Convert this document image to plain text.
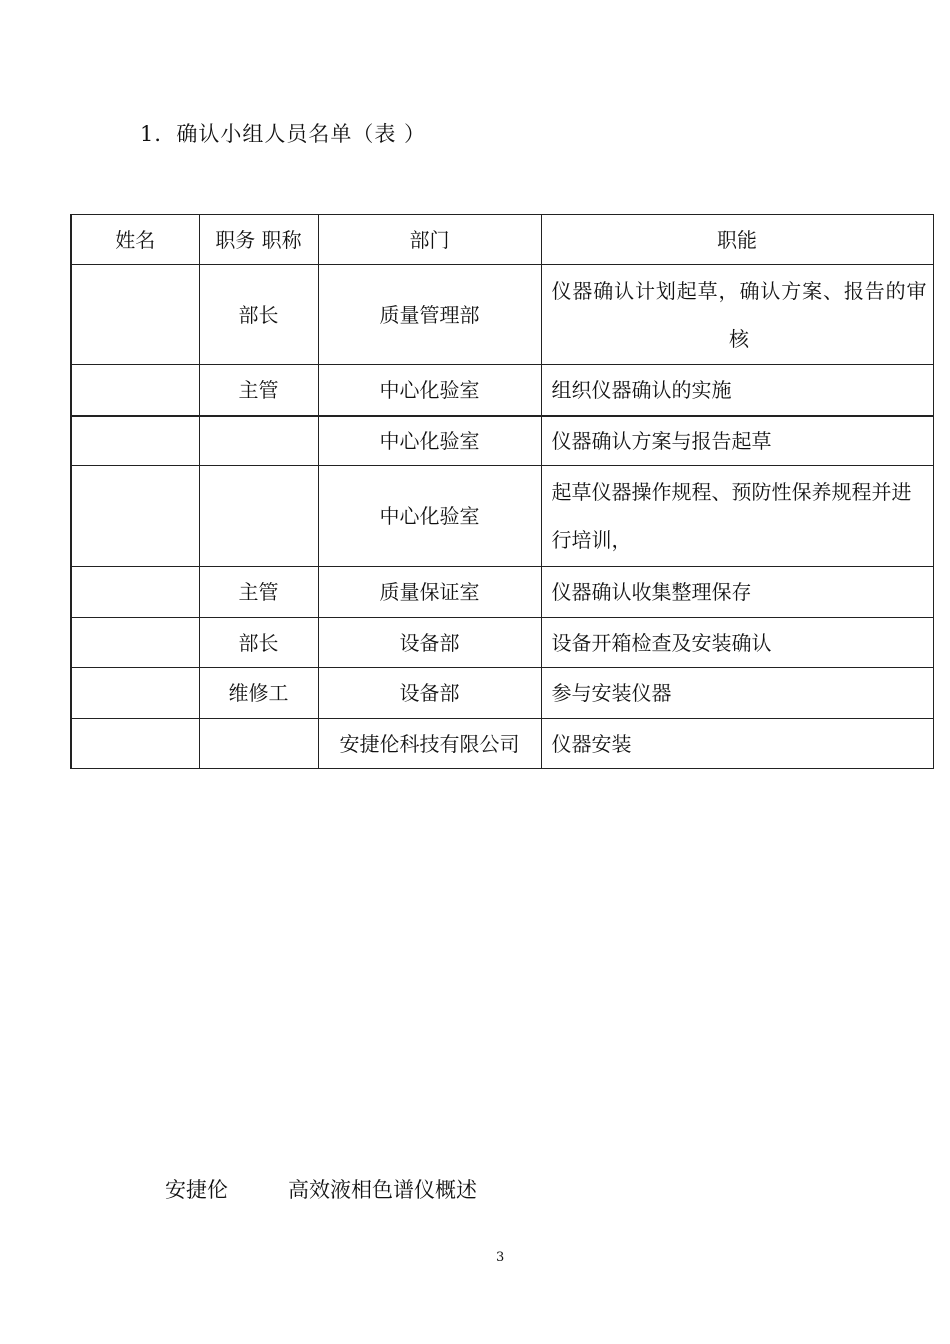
1．确认小组人员名单（表 ）
姓名	职务 职称	部门	职能
	部长	质量管理部	仪器确认计划起草，确认方案、报告的审核
	主管	中心化验室	组织仪器确认的实施
		中心化验室	仪器确认方案与报告起草
		中心化验室	起草仪器操作规程、预防性保养规程并进行培训，
	主管	质量保证室	仪器确认收集整理保存
	部长	设备部	设备开箱检查及安装确认
	维修工	设备部	参与安装仪器
		安捷伦科技有限公司	仪器安装
安捷伦	高效液相色谱仪概述
3
